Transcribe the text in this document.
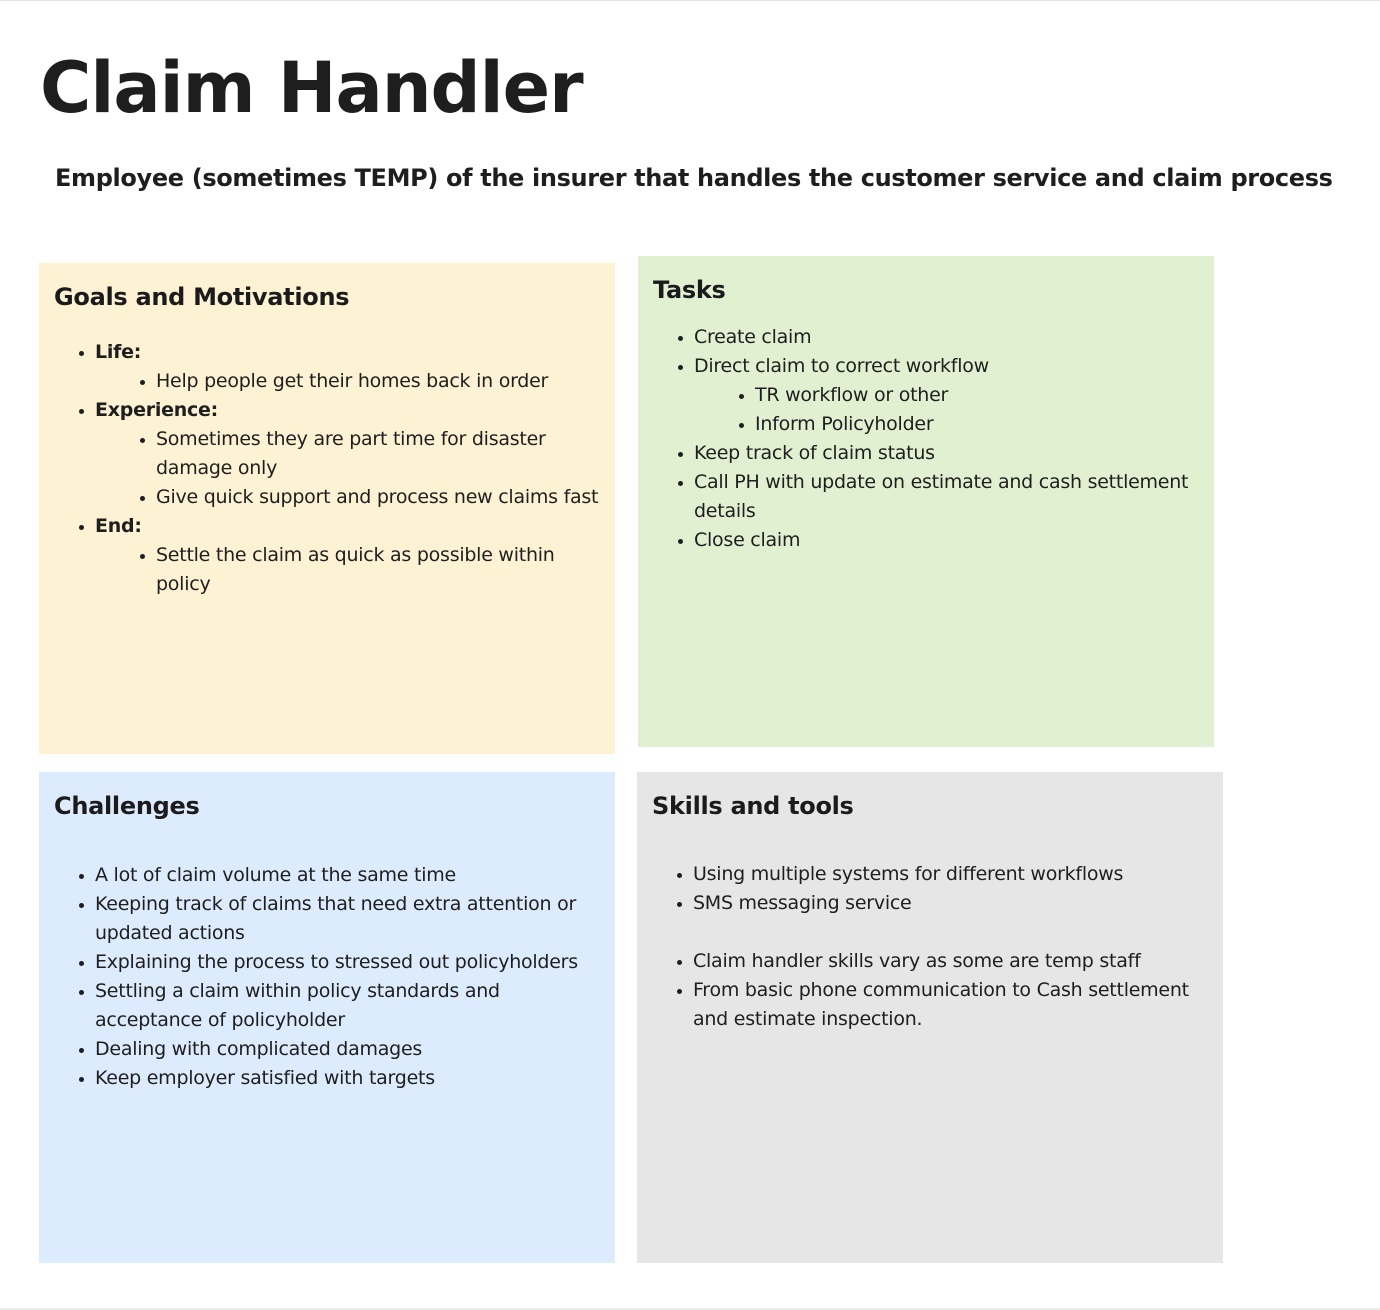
Claim Handler
Employee (sometimes TEMP) of the insurer that handles the customer service and claim process
Goals and Motivations
• Life:
• Help people get their homes back in order
• Experience:
• Sometimes they are part time for disaster damage only
• Give quick support and process new claims fast
• End:
• Settle the claim as quick as possible within policy
Tasks
• Create claim
• Direct claim to correct workflow
• TR workflow or other
• Inform Policyholder
• Keep track of claim status
• Call PH with update on estimate and cash settlement details
• Close claim
Challenges
• A lot of claim volume at the same time
• Keeping track of claims that need extra attention or updated actions
• Explaining the process to stressed out policyholders
• Settling a claim within policy standards and acceptance of policyholder
• Dealing with complicated damages
• Keep employer satisfied with targets
Skills and tools
• Using multiple systems for different workflows
• SMS messaging service
• Claim handler skills vary as some are temp staff
• From basic phone communication to Cash settlement and estimate inspection.
